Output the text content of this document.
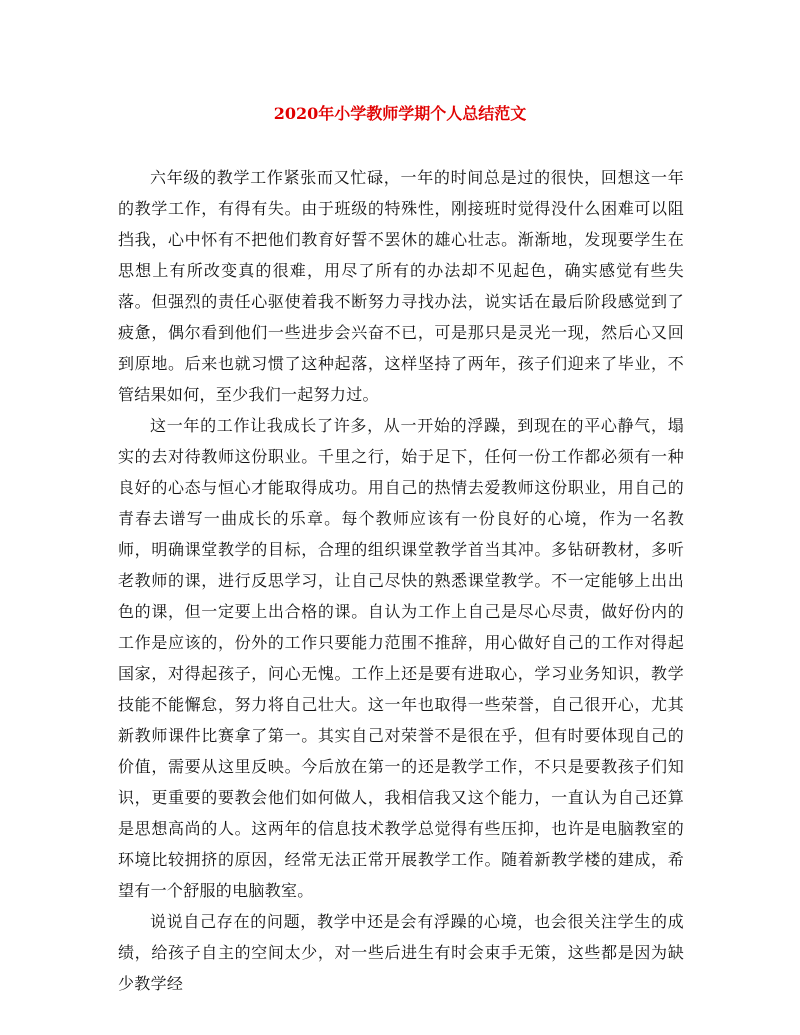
2020年小学教师学期个人总结范文

六年级的教学工作紧张而又忙碌，一年的时间总是过的很快，回想这一年的教学工作，有得有失。由于班级的特殊性，刚接班时觉得没什么困难可以阻挡我，心中怀有不把他们教育好誓不罢休的雄心壮志。渐渐地，发现要学生在思想上有所改变真的很难，用尽了所有的办法却不见起色，确实感觉有些失落。但强烈的责任心驱使着我不断努力寻找办法，说实话在最后阶段感觉到了疲惫，偶尔看到他们一些进步会兴奋不已，可是那只是灵光一现，然后心又回到原地。后来也就习惯了这种起落，这样坚持了两年，孩子们迎来了毕业，不管结果如何，至少我们一起努力过。

这一年的工作让我成长了许多，从一开始的浮躁，到现在的平心静气，塌实的去对待教师这份职业。千里之行，始于足下，任何一份工作都必须有一种良好的心态与恒心才能取得成功。用自己的热情去爱教师这份职业，用自己的青春去谱写一曲成长的乐章。每个教师应该有一份良好的心境，作为一名教师，明确课堂教学的目标，合理的组织课堂教学首当其冲。多钻研教材，多听老教师的课，进行反思学习，让自己尽快的熟悉课堂教学。不一定能够上出出色的课，但一定要上出合格的课。自认为工作上自己是尽心尽责，做好份内的工作是应该的，份外的工作只要能力范围不推辞，用心做好自己的工作对得起国家，对得起孩子，问心无愧。工作上还是要有进取心，学习业务知识，教学技能不能懈怠，努力将自己壮大。这一年也取得一些荣誉，自己很开心，尤其新教师课件比赛拿了第一。其实自己对荣誉不是很在乎，但有时要体现自己的价值，需要从这里反映。今后放在第一的还是教学工作，不只是要教孩子们知识，更重要的要教会他们如何做人，我相信我又这个能力，一直认为自己还算是思想高尚的人。这两年的信息技术教学总觉得有些压抑，也许是电脑教室的环境比较拥挤的原因，经常无法正常开展教学工作。随着新教学楼的建成，希望有一个舒服的电脑教室。

说说自己存在的问题，教学中还是会有浮躁的心境，也会很关注学生的成绩，给孩子自主的空间太少，对一些后进生有时会束手无策，这些都是因为缺少教学经
